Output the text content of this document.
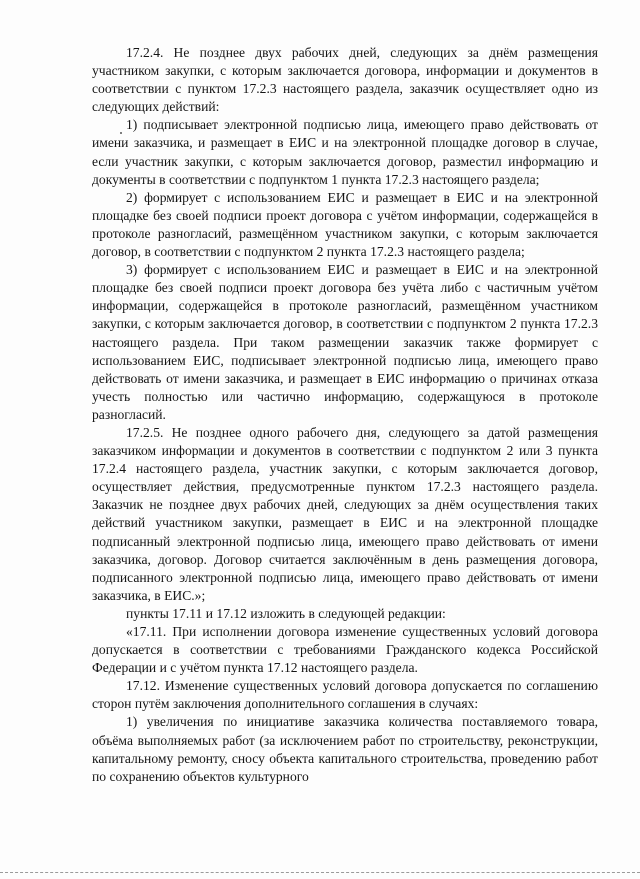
17.2.4. Не позднее двух рабочих дней, следующих за днём размещения участником закупки, с которым заключается договора, информации и документов в соответствии с пунктом 17.2.3 настоящего раздела, заказчик осуществляет одно из следующих действий:

1) подписывает электронной подписью лица, имеющего право действовать от имени заказчика, и размещает в ЕИС и на электронной площадке договор в случае, если участник закупки, с которым заключается договор, разместил информацию и документы в соответствии с подпунктом 1 пункта 17.2.3 настоящего раздела;

2) формирует с использованием ЕИС и размещает в ЕИС и на электронной площадке без своей подписи проект договора с учётом информации, содержащейся в протоколе разногласий, размещённом участником закупки, с которым заключается договор, в соответствии с подпунктом 2 пункта 17.2.3 настоящего раздела;

3) формирует с использованием ЕИС и размещает в ЕИС и на электронной площадке без своей подписи проект договора без учёта либо с частичным учётом информации, содержащейся в протоколе разногласий, размещённом участником закупки, с которым заключается договор, в соответствии с подпунктом 2 пункта 17.2.3 настоящего раздела. При таком размещении заказчик также формирует с использованием ЕИС, подписывает электронной подписью лица, имеющего право действовать от имени заказчика, и размещает в ЕИС информацию о причинах отказа учесть полностью или частично информацию, содержащуюся в протоколе разногласий.

17.2.5. Не позднее одного рабочего дня, следующего за датой размещения заказчиком информации и документов в соответствии с подпунктом 2 или 3 пункта 17.2.4 настоящего раздела, участник закупки, с которым заключается договор, осуществляет действия, предусмотренные пунктом 17.2.3 настоящего раздела. Заказчик не позднее двух рабочих дней, следующих за днём осуществления таких действий участником закупки, размещает в ЕИС и на электронной площадке подписанный электронной подписью лица, имеющего право действовать от имени заказчика, договор. Договор считается заключённым в день размещения договора, подписанного электронной подписью лица, имеющего право действовать от имени заказчика, в ЕИС.»;

пункты 17.11 и 17.12 изложить в следующей редакции:

«17.11. При исполнении договора изменение существенных условий договора допускается в соответствии с требованиями Гражданского кодекса Российской Федерации и с учётом пункта 17.12 настоящего раздела.

17.12. Изменение существенных условий договора допускается по соглашению сторон путём заключения дополнительного соглашения в случаях:

1) увеличения по инициативе заказчика количества поставляемого товара, объёма выполняемых работ (за исключением работ по строительству, реконструкции, капитальному ремонту, сносу объекта капитального строительства, проведению работ по сохранению объектов культурного
